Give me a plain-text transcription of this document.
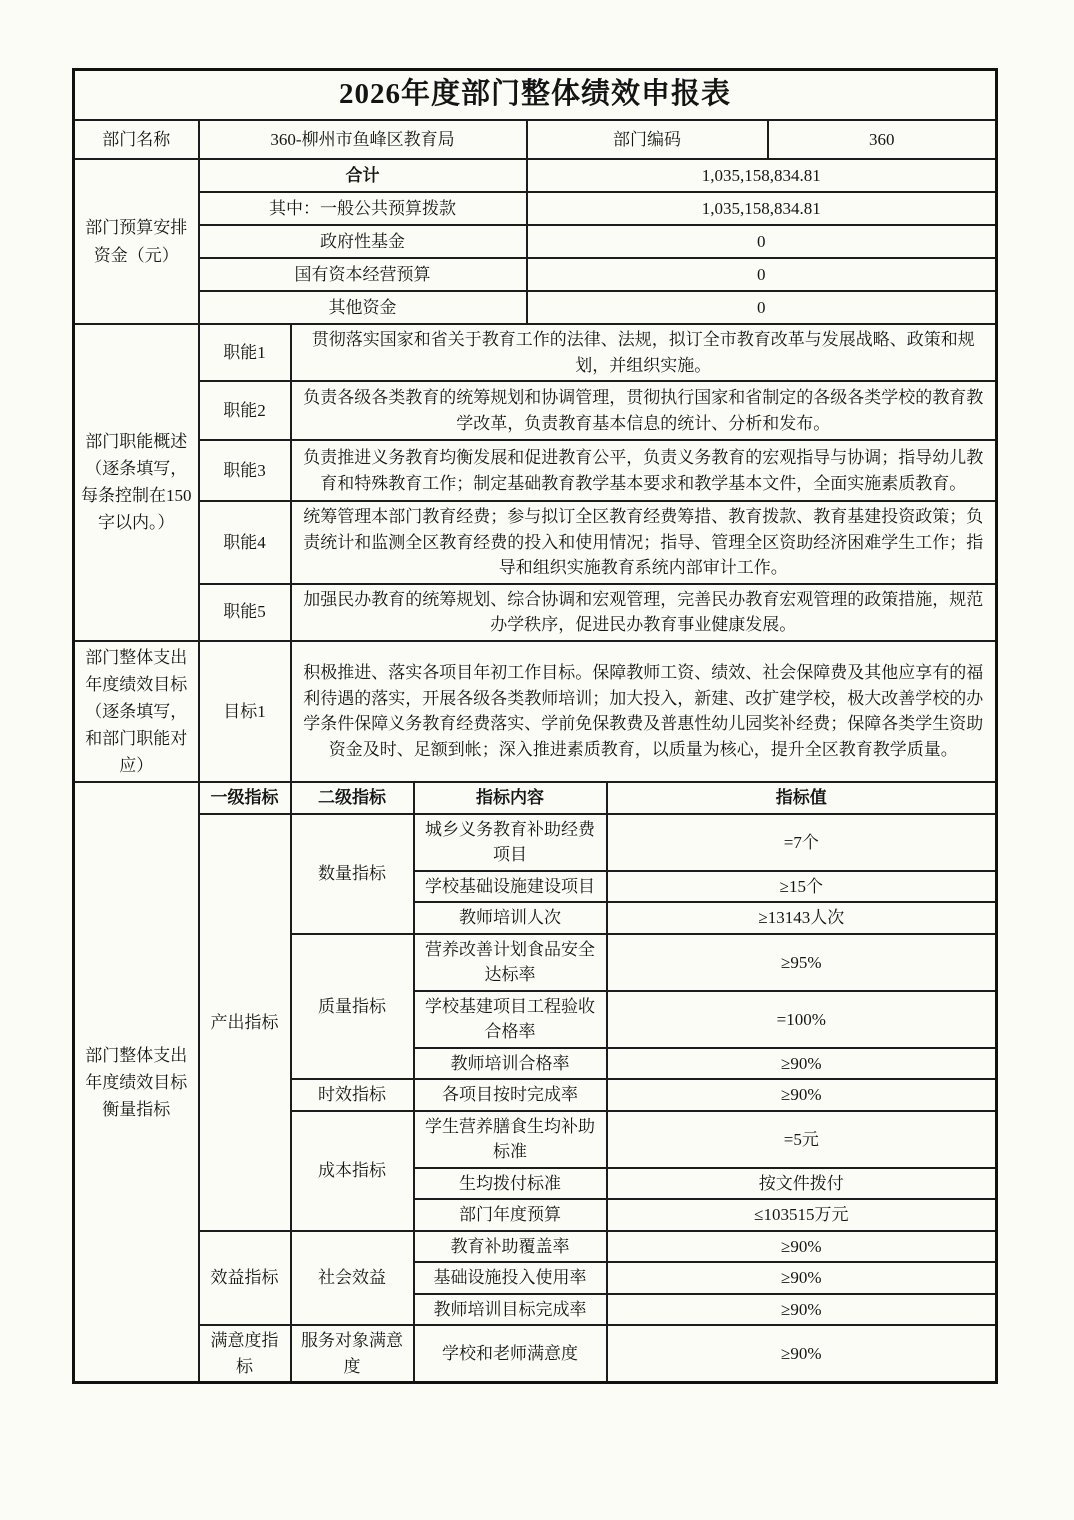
2026年度部门整体绩效申报表						
部门名称	360-柳州市鱼峰区教育局			部门编码		360
部门预算安排资金（元）	合计			1,035,158,834.81		
	其中：一般公共预算拨款			1,035,158,834.81		
	政府性基金			0		
	国有资本经营预算			0		
	其他资金			0		
部门职能概述（逐条填写，每条控制在150字以内。）	职能1	贯彻落实国家和省关于教育工作的法律、法规，拟订全市教育改革与发展战略、政策和规划，并组织实施。				
	职能2	负责各级各类教育的统筹规划和协调管理，贯彻执行国家和省制定的各级各类学校的教育教学改革，负责教育基本信息的统计、分析和发布。				
	职能3	负责推进义务教育均衡发展和促进教育公平，负责义务教育的宏观指导与协调；指导幼儿教育和特殊教育工作；制定基础教育教学基本要求和教学基本文件，全面实施素质教育。				
	职能4	统筹管理本部门教育经费；参与拟订全区教育经费筹措、教育拨款、教育基建投资政策；负责统计和监测全区教育经费的投入和使用情况；指导、管理全区资助经济困难学生工作；指导和组织实施教育系统内部审计工作。				
	职能5	加强民办教育的统筹规划、综合协调和宏观管理，完善民办教育宏观管理的政策措施，规范办学秩序，促进民办教育事业健康发展。				
部门整体支出年度绩效目标（逐条填写，和部门职能对应）	目标1	积极推进、落实各项目年初工作目标。保障教师工资、绩效、社会保障费及其他应享有的福利待遇的落实，开展各级各类教师培训；加大投入，新建、改扩建学校，极大改善学校的办学条件保障义务教育经费落实、学前免保教费及普惠性幼儿园奖补经费；保障各类学生资助资金及时、足额到帐；深入推进素质教育，以质量为核心，提升全区教育教学质量。				
部门整体支出年度绩效目标衡量指标	一级指标	二级指标	指标内容		指标值	
	产出指标	数量指标	城乡义务教育补助经费项目		=7个	
			学校基础设施建设项目		≥15个	
			教师培训人次		≥13143人次	
		质量指标	营养改善计划食品安全达标率		≥95%	
			学校基建项目工程验收合格率		=100%	
			教师培训合格率		≥90%	
		时效指标	各项目按时完成率		≥90%	
		成本指标	学生营养膳食生均补助标准		=5元	
			生均拨付标准		按文件拨付	
			部门年度预算		≤103515万元	
	效益指标	社会效益	教育补助覆盖率		≥90%	
			基础设施投入使用率		≥90%	
			教师培训目标完成率		≥90%	
	满意度指标	服务对象满意度	学校和老师满意度		≥90%	
